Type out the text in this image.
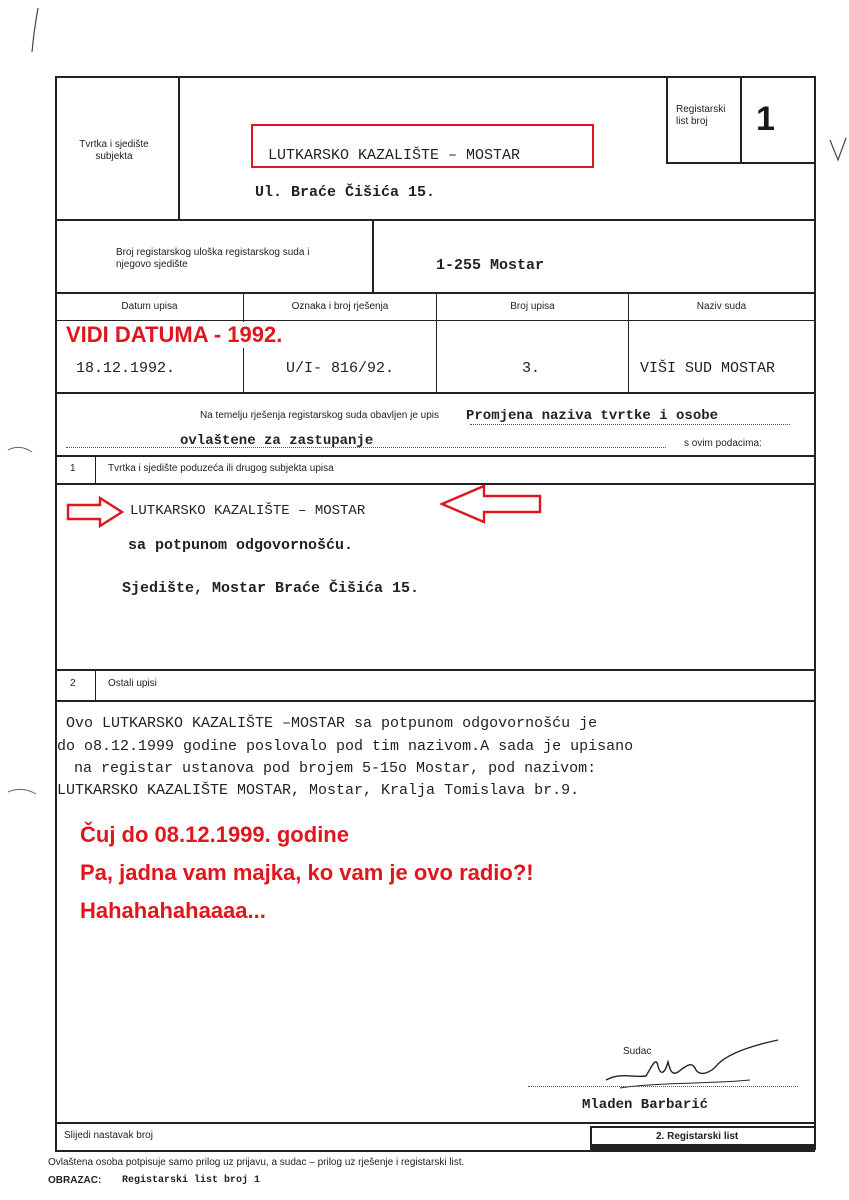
Tvrtka i sjedište subjekta
Registarski list broj	1
LUTKARSKO KAZALIŠTE – MOSTAR
Ul. Braće Čišića 15.
Broj registarskog uloška registarskog suda i njegovo sjedište	1-255 Mostar
Datum upisa	Oznaka i broj rješenja	Broj upisa	Naziv suda
VIDI DATUMA - 1992.
18.12.1992.	U/I- 816/92.	3.	VIŠI SUD MOSTAR
Na temelju rješenja registarskog suda obavljen je upis Promjena naziva tvrtke i osobe
ovlaštene za zastupanje	s ovim podacima:
1	Tvrtka i sjedište poduzeća ili drugog subjekta upisa
LUTKARSKO KAZALIŠTE – MOSTAR
sa potpunom odgovornošću.
Sjedište, Mostar Braće Čišića 15.
2	Ostali upisi
Ovo LUTKARSKO KAZALIŠTE –MOSTAR sa potpunom odgovornošću je
do o8.12.1999 godine poslovalo pod tim nazivom.A sada je upisano
na registar ustanova pod brojem 5-15o Mostar, pod nazivom:
LUTKARSKO KAZALIŠTE MOSTAR, Mostar, Kralja Tomislava br.9.
Čuj do 08.12.1999. godine
Pa, jadna vam majka, ko vam je ovo radio?!
Hahahahahaaaa...
Sudac
Mladen Barbarić
Slijedi nastavak broj	2. Registarski list
Ovlaštena osoba potpisuje samo prilog uz prijavu, a sudac – prilog uz rješenje i registarski list.
OBRAZAC: Registarski list broj 1
